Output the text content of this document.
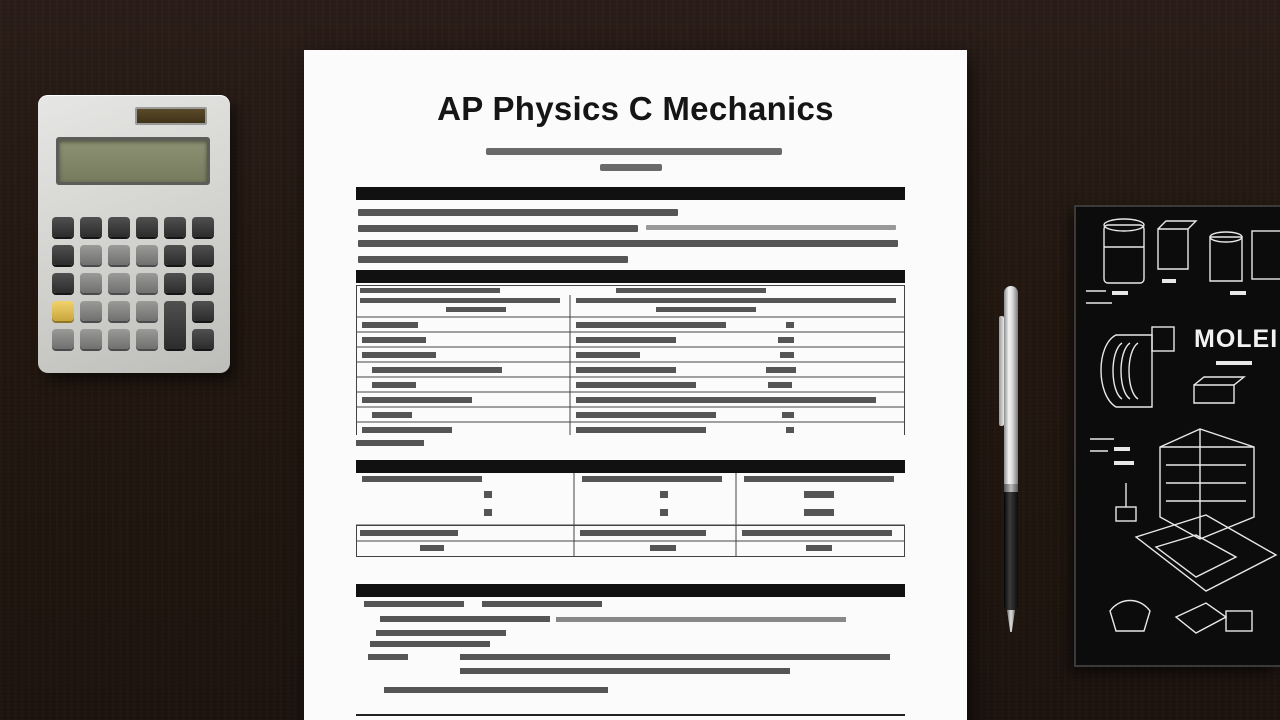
AP Physics C Mechanics
MOLEI
